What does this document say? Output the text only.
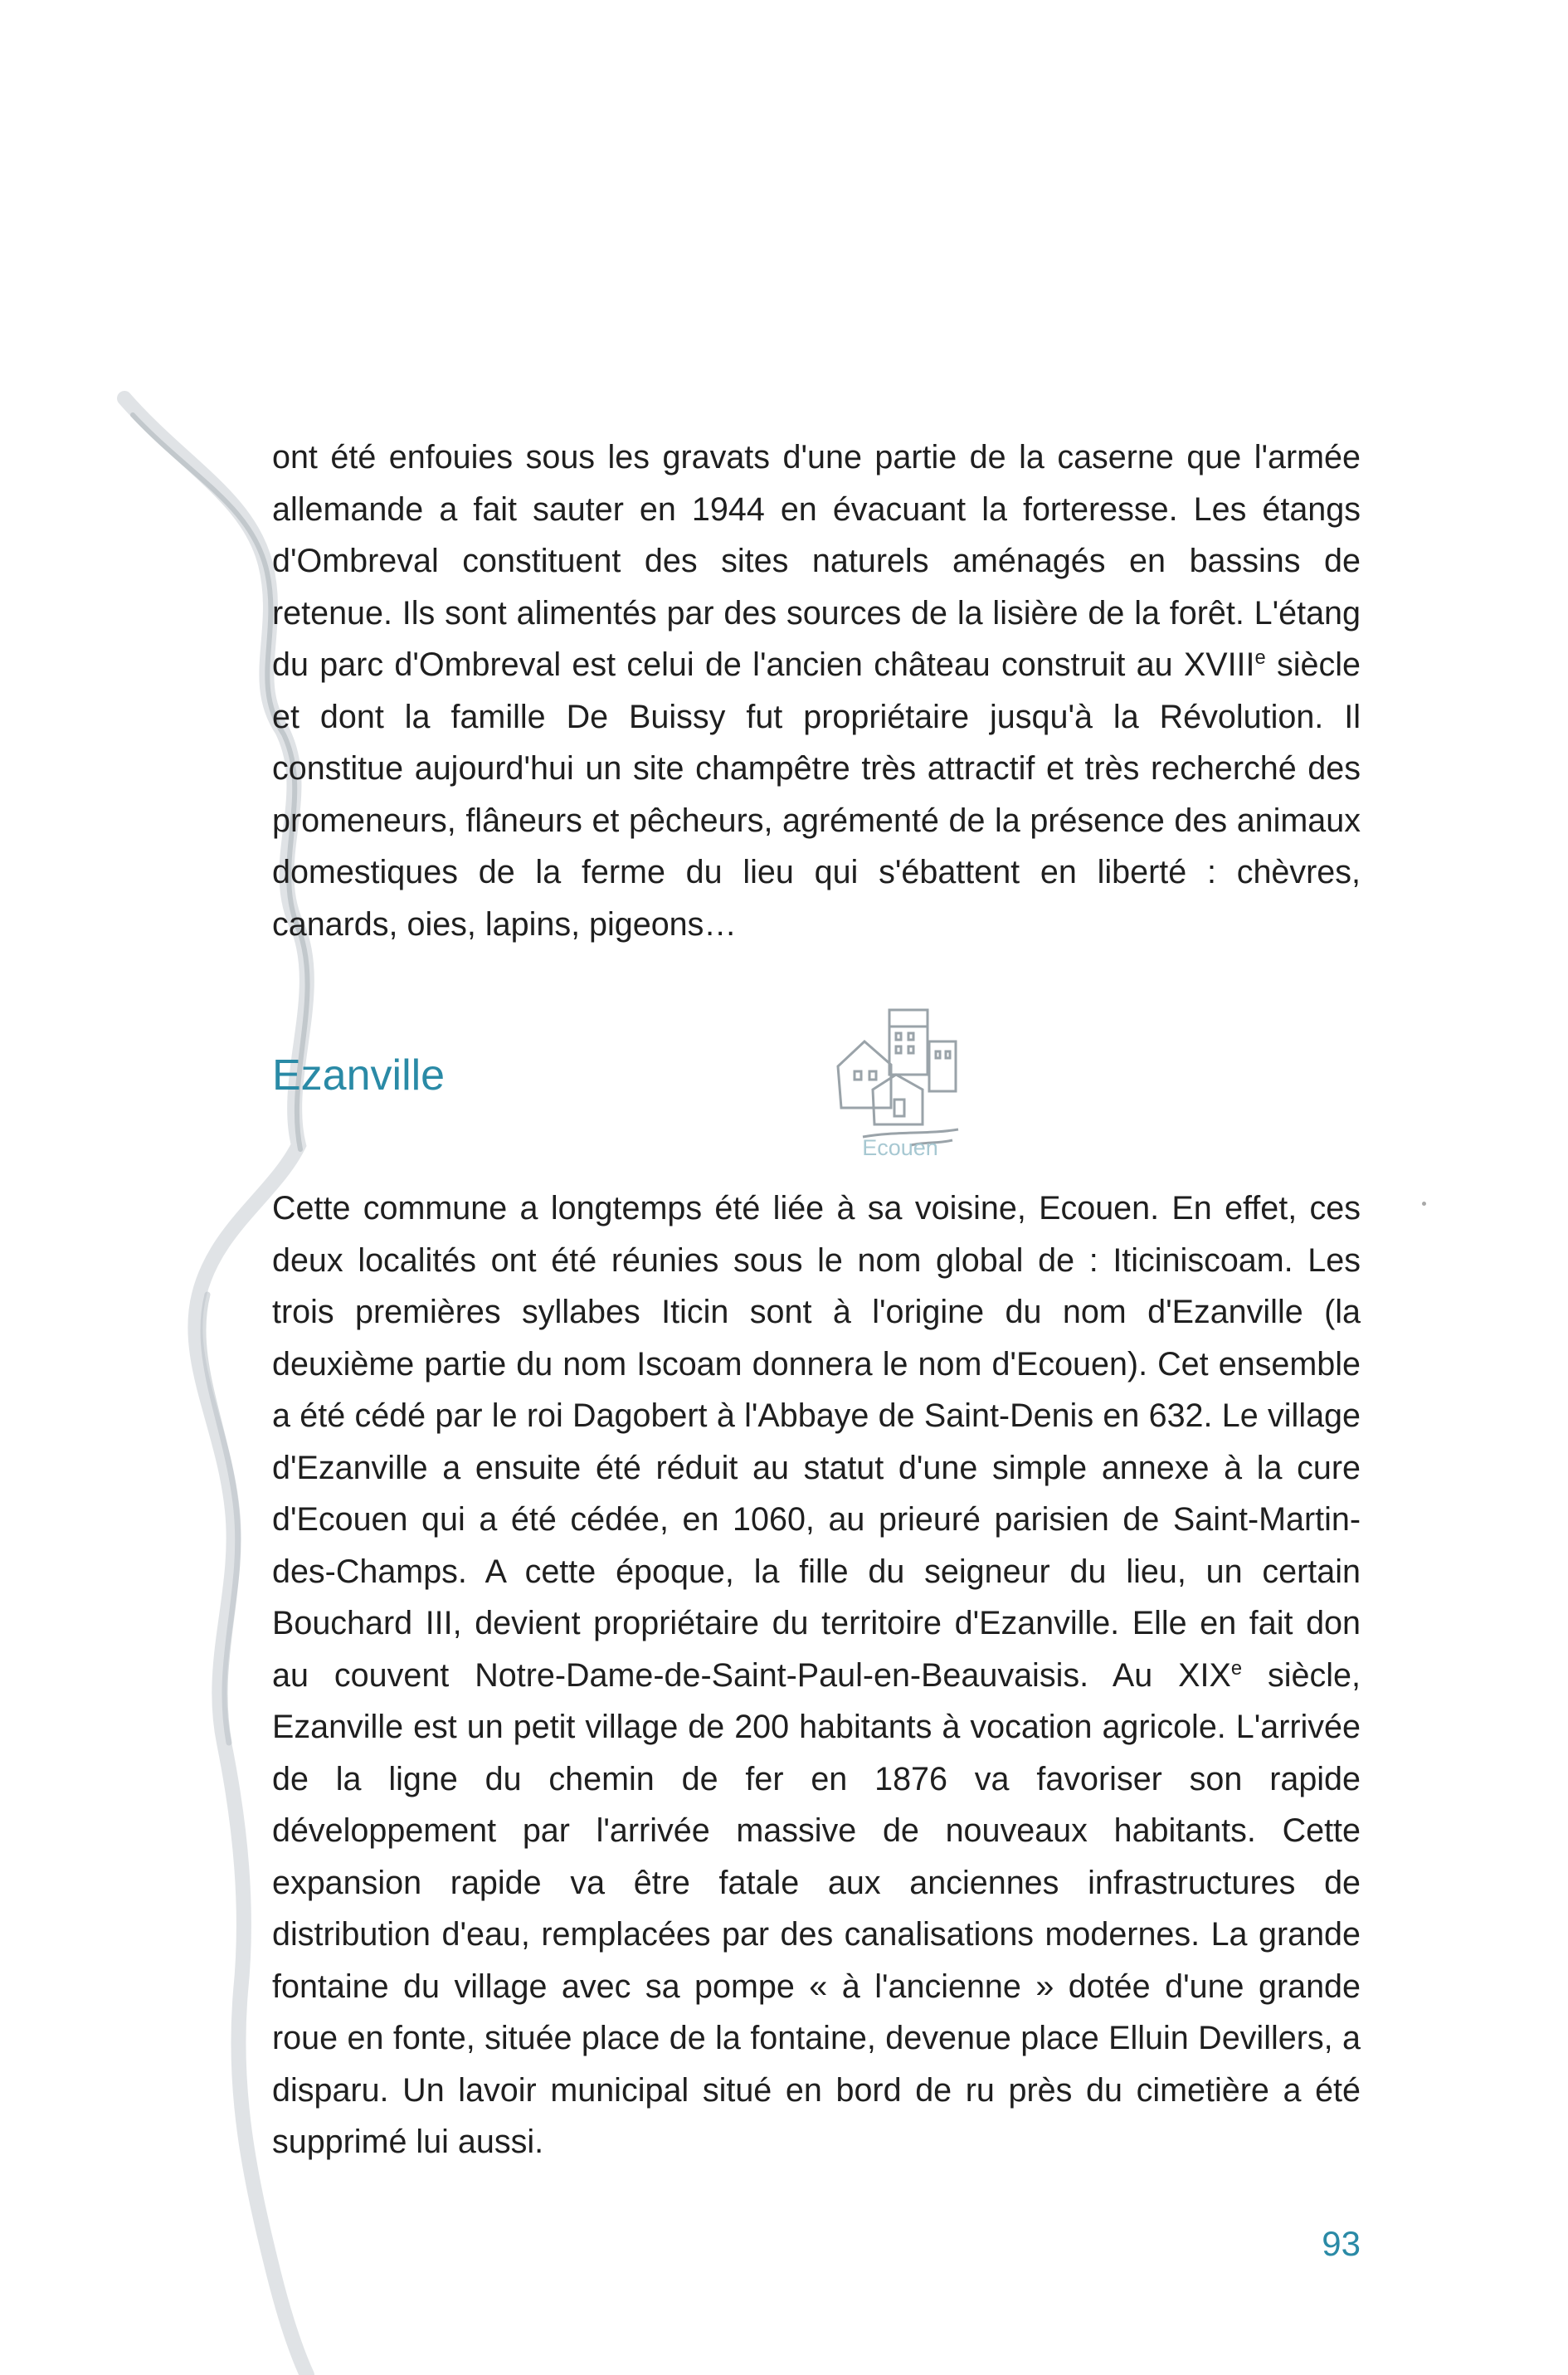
ont été enfouies sous les gravats d'une partie de la caserne que l'armée allemande a fait sauter en 1944 en évacuant la forteresse. Les étangs d'Ombreval constituent des sites naturels aménagés en bassins de retenue. Ils sont alimentés par des sources de la lisière de la forêt. L'étang du parc d'Ombreval est celui de l'ancien château construit au XVIIIe siècle et dont la famille De Buissy fut propriétaire jusqu'à la Révolution. Il constitue aujourd'hui un site champêtre très attractif et très recherché des promeneurs, flâneurs et pêcheurs, agrémenté de la présence des animaux domestiques de la ferme du lieu qui s'ébattent en liberté : chèvres, canards, oies, lapins, pigeons…

Ezanville
Ecouen

Cette commune a longtemps été liée à sa voisine, Ecouen. En effet, ces deux localités ont été réunies sous le nom global de : Iticiniscoam. Les trois premières syllabes Iticin sont à l'origine du nom d'Ezanville (la deuxième partie du nom Iscoam donnera le nom d'Ecouen). Cet ensemble a été cédé par le roi Dagobert à l'Abbaye de Saint-Denis en 632. Le village d'Ezanville a ensuite été réduit au statut d'une simple annexe à la cure d'Ecouen qui a été cédée, en 1060, au prieuré parisien de Saint-Martin-des-Champs. A cette époque, la fille du seigneur du lieu, un certain Bouchard III, devient propriétaire du territoire d'Ezanville. Elle en fait don au couvent Notre-Dame-de-Saint-Paul-en-Beauvaisis. Au XIXe siècle, Ezanville est un petit village de 200 habitants à vocation agricole. L'arrivée de la ligne du chemin de fer en 1876 va favoriser son rapide développement par l'arrivée massive de nouveaux habitants. Cette expansion rapide va être fatale aux anciennes infrastructures de distribution d'eau, remplacées par des canalisations modernes. La grande fontaine du village avec sa pompe « à l'ancienne » dotée d'une grande roue en fonte, située place de la fontaine, devenue place Elluin Devillers, a disparu. Un lavoir municipal situé en bord de ru près du cimetière a été supprimé lui aussi.

93
